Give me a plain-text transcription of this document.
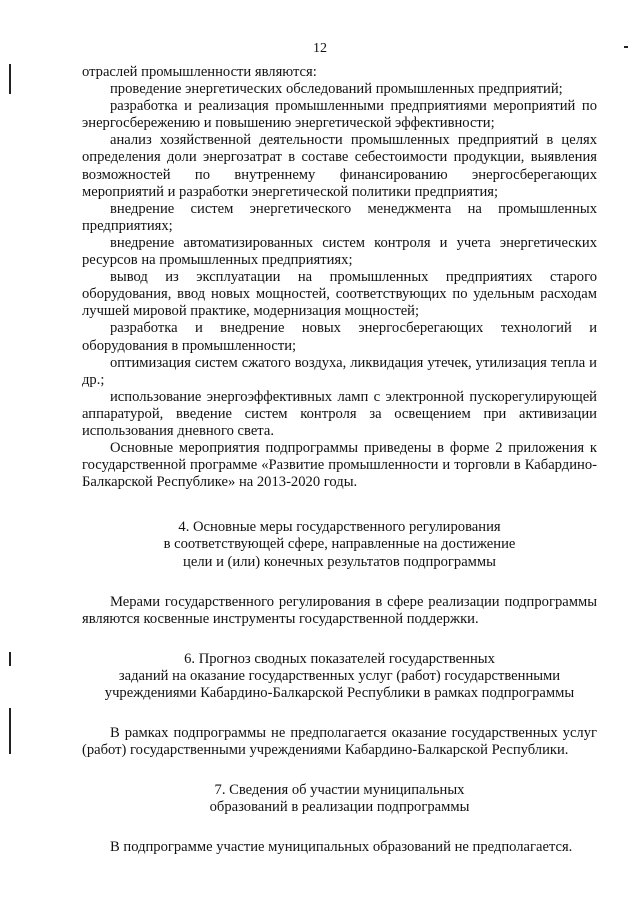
12

отраслей промышленности являются:

проведение энергетических обследований промышленных предприятий;

разработка и реализация промышленными предприятиями мероприятий по энергосбережению и повышению энергетической эффективности;

анализ хозяйственной деятельности промышленных предприятий в целях определения доли энергозатрат в составе себестоимости продукции, выявления возможностей по внутреннему финансированию энергосберегающих мероприятий и разработки энергетической политики предприятия;

внедрение систем энергетического менеджмента на промышленных предприятиях;

внедрение автоматизированных систем контроля и учета энергетических ресурсов на промышленных предприятиях;

вывод из эксплуатации на промышленных предприятиях старого оборудования, ввод новых мощностей, соответствующих по удельным расходам лучшей мировой практике, модернизация мощностей;

разработка и внедрение новых энергосберегающих технологий и оборудования в промышленности;

оптимизация систем сжатого воздуха, ликвидация утечек, утилизация тепла и др.;

использование энергоэффективных ламп с электронной пускорегулирующей аппаратурой, введение систем контроля за освещением при активизации использования дневного света.

Основные мероприятия подпрограммы приведены в форме 2 приложения к государственной программе «Развитие промышленности и торговли в Кабардино-Балкарской Республике» на 2013-2020 годы.

4. Основные меры государственного регулирования

в соответствующей сфере, направленные на достижение

цели и (или) конечных результатов подпрограммы

Мерами государственного регулирования в сфере реализации подпрограммы являются косвенные инструменты государственной поддержки.

6. Прогноз сводных показателей государственных

заданий на оказание государственных услуг (работ) государственными

учреждениями Кабардино-Балкарской Республики в рамках подпрограммы

В рамках подпрограммы не предполагается оказание государственных услуг (работ) государственными учреждениями Кабардино-Балкарской Республики.

7. Сведения об участии муниципальных

образований в реализации подпрограммы

В подпрограмме участие муниципальных образований не предполагается.
